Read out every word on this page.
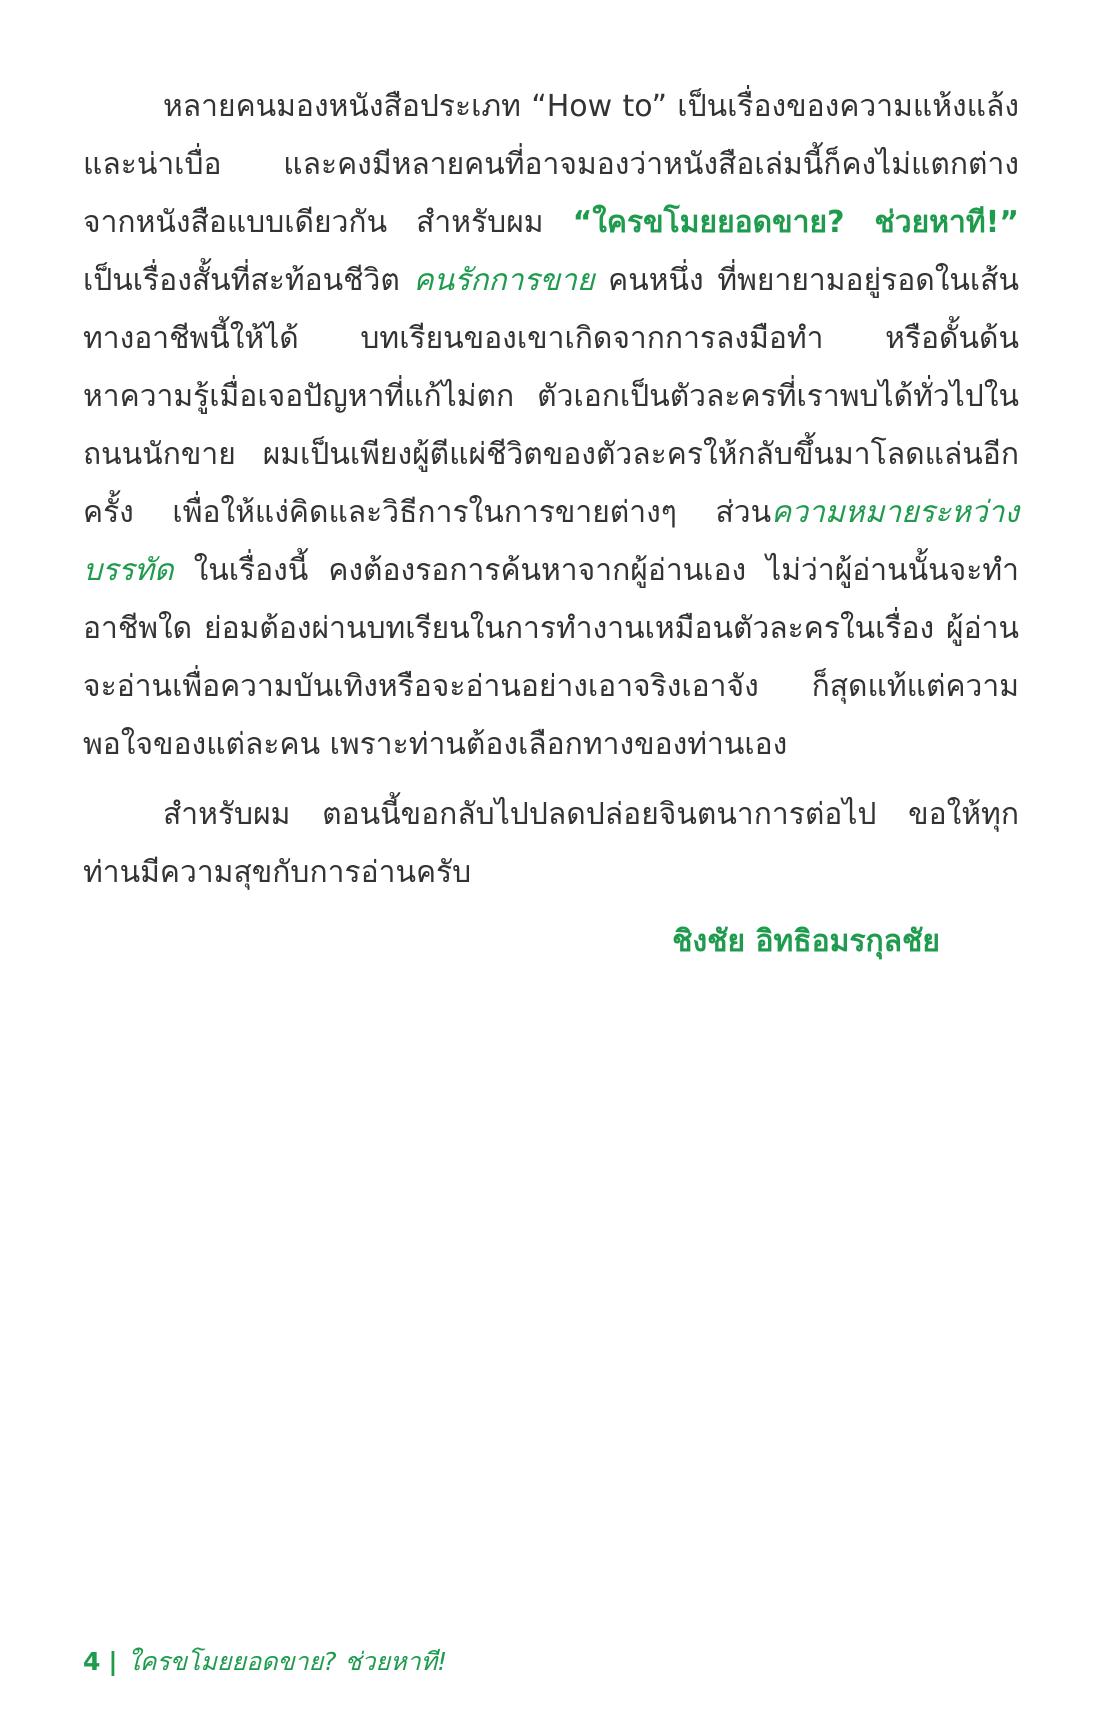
หลายคนมองหนังสือประเภท “How to” เป็นเรื่องของความแห้งแล้งและน่าเบื่อ และคงมีหลายคนที่อาจมองว่าหนังสือเล่มนี้ก็คงไม่แตกต่างจากหนังสือแบบเดียวกัน สำหรับผม “ใครขโมยยอดขาย? ช่วยหาที!” เป็นเรื่องสั้นที่สะท้อนชีวิต คนรักการขาย คนหนึ่ง ที่พยายามอยู่รอดในเส้นทางอาชีพนี้ให้ได้ บทเรียนของเขาเกิดจากการลงมือทำ หรือดั้นด้นหาความรู้เมื่อเจอปัญหาที่แก้ไม่ตก ตัวเอกเป็นตัวละครที่เราพบได้ทั่วไปในถนนนักขาย ผมเป็นเพียงผู้ตีแผ่ชีวิตของตัวละครให้กลับขึ้นมาโลดแล่นอีกครั้ง เพื่อให้แง่คิดและวิธีการในการขายต่างๆ ส่วนความหมายระหว่างบรรทัด ในเรื่องนี้ คงต้องรอการค้นหาจากผู้อ่านเอง ไม่ว่าผู้อ่านนั้นจะทำอาชีพใด ย่อมต้องผ่านบทเรียนในการทำงานเหมือนตัวละครในเรื่อง ผู้อ่านจะอ่านเพื่อความบันเทิงหรือจะอ่านอย่างเอาจริงเอาจัง ก็สุดแท้แต่ความพอใจของแต่ละคน เพราะท่านต้องเลือกทางของท่านเอง

สำหรับผม ตอนนี้ขอกลับไปปลดปล่อยจินตนาการต่อไป ขอให้ทุกท่านมีความสุขกับการอ่านครับ

ชิงชัย อิทธิอมรกุลชัย
4 | ใครขโมยยอดขาย? ช่วยหาที!
